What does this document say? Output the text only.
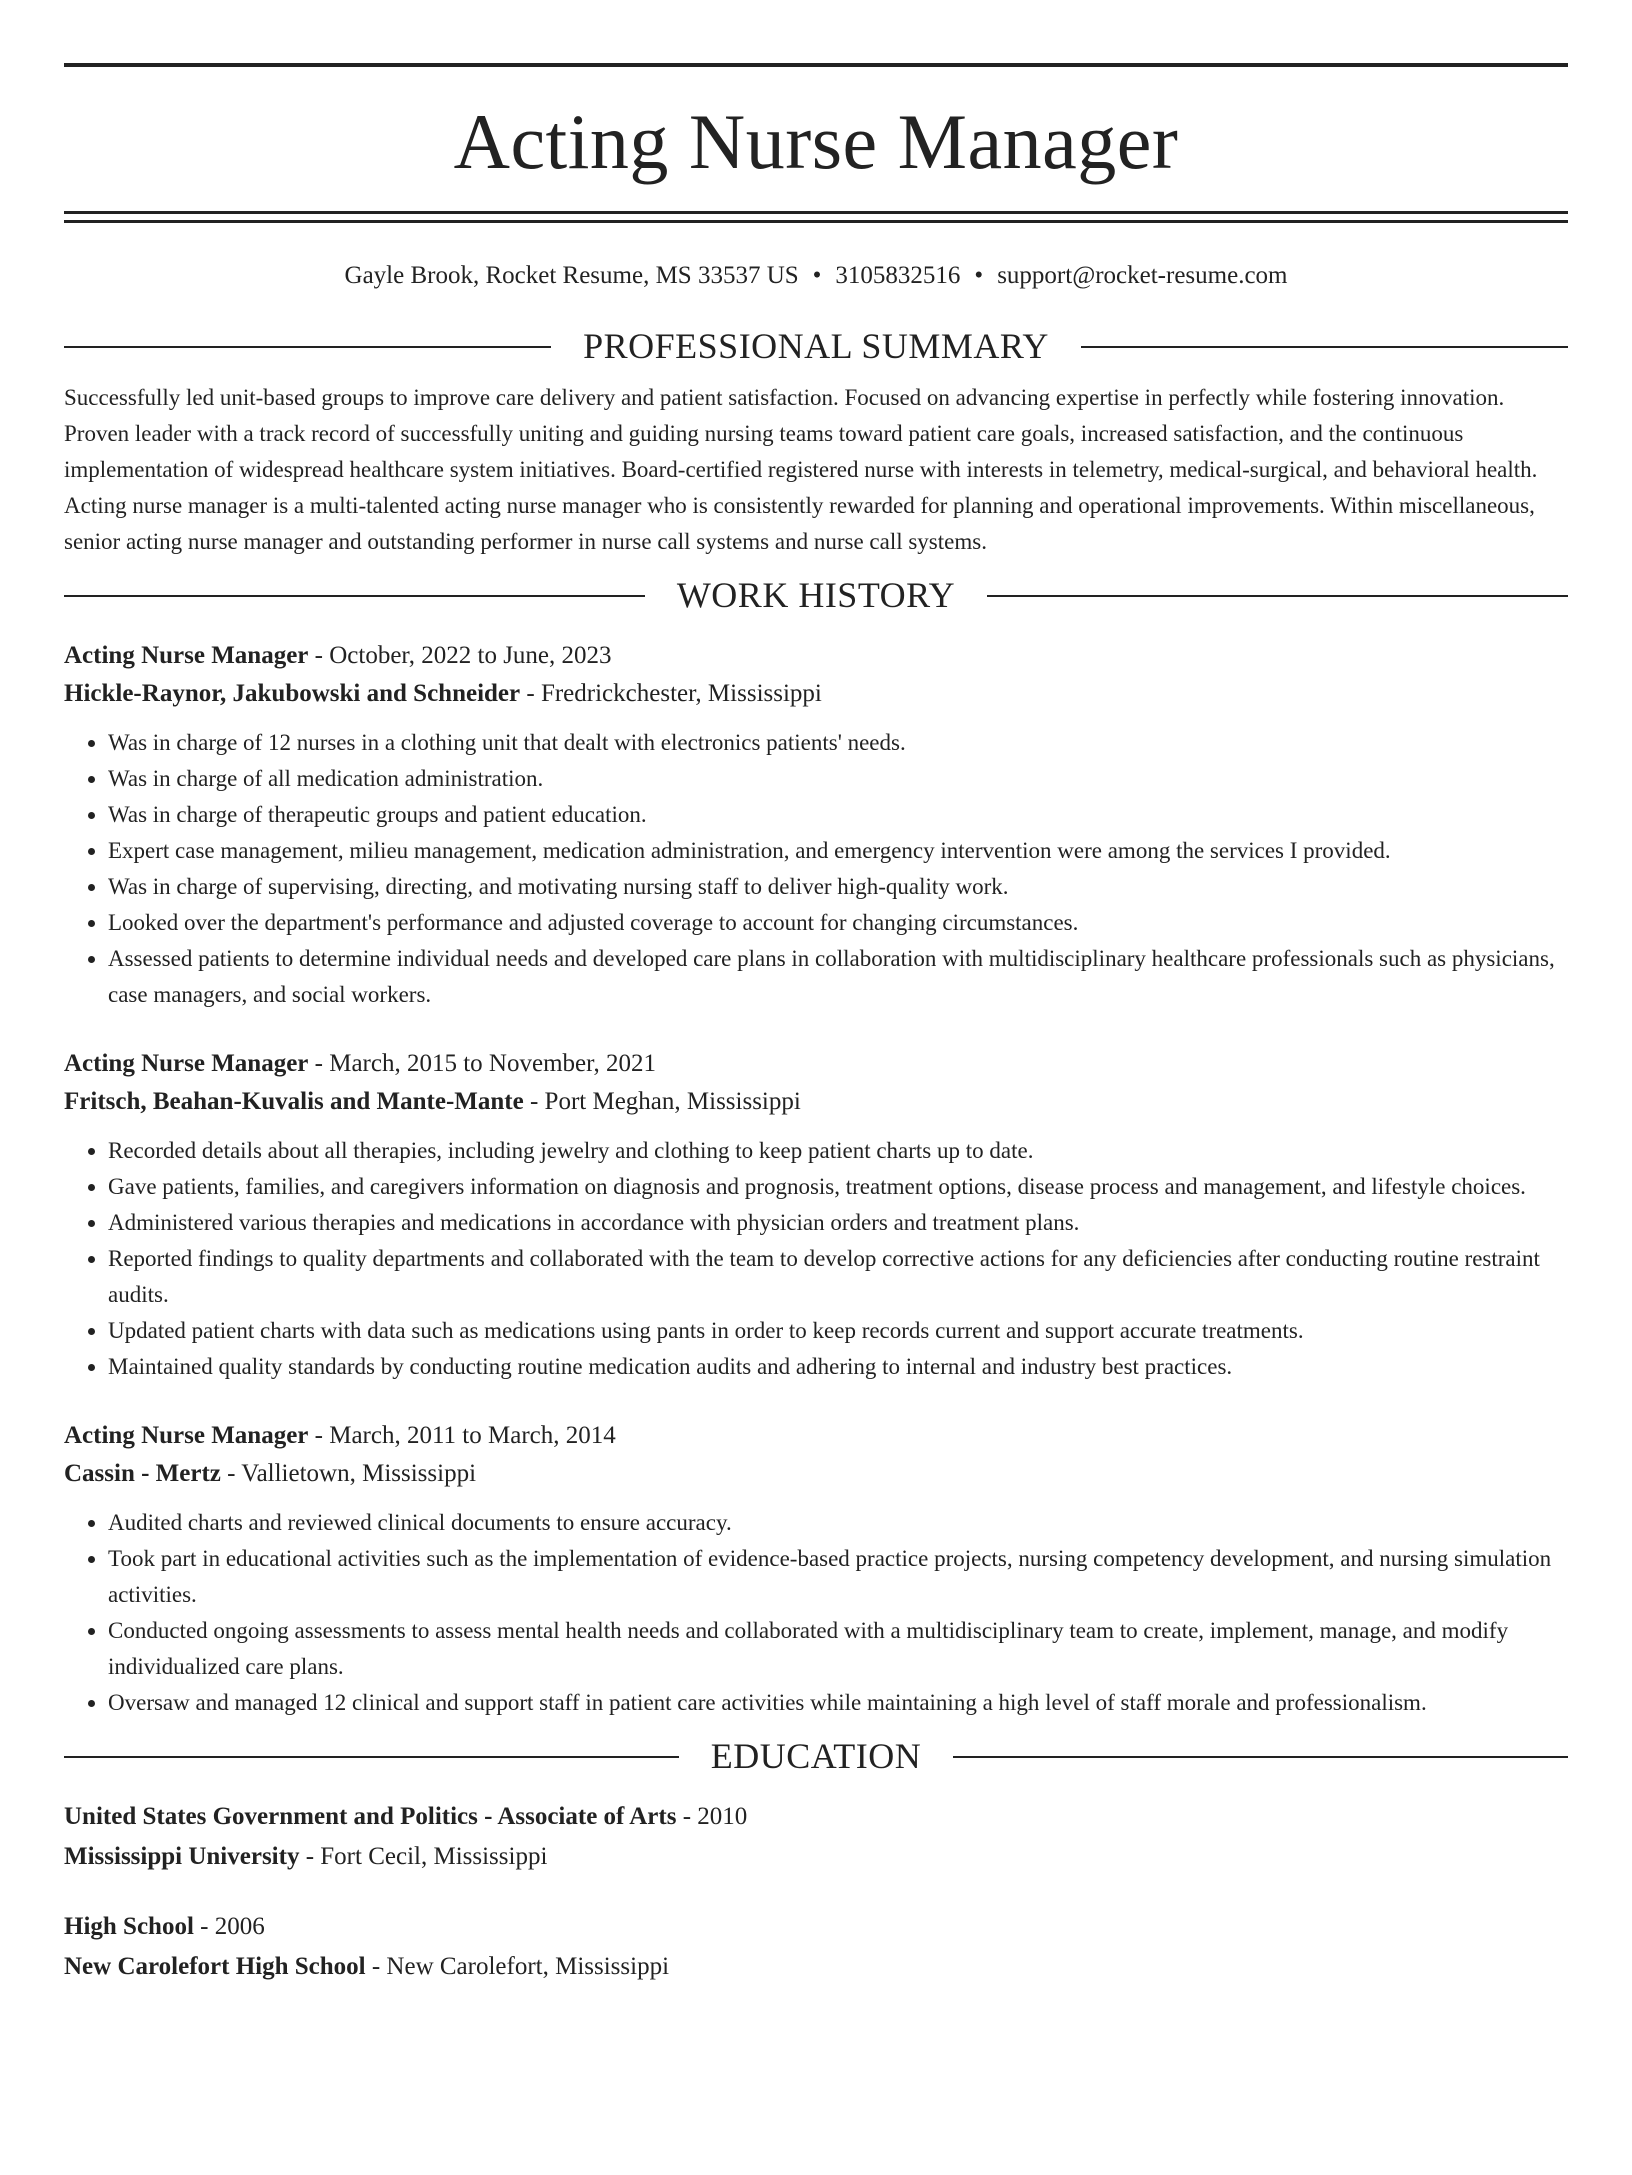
Acting Nurse Manager
Gayle Brook, Rocket Resume, MS 33537 US • 3105832516 • support@rocket-resume.com
PROFESSIONAL SUMMARY
Successfully led unit-based groups to improve care delivery and patient satisfaction. Focused on advancing expertise in perfectly while fostering innovation. Proven leader with a track record of successfully uniting and guiding nursing teams toward patient care goals, increased satisfaction, and the continuous implementation of widespread healthcare system initiatives. Board-certified registered nurse with interests in telemetry, medical-surgical, and behavioral health. Acting nurse manager is a multi-talented acting nurse manager who is consistently rewarded for planning and operational improvements. Within miscellaneous, senior acting nurse manager and outstanding performer in nurse call systems and nurse call systems.
WORK HISTORY
Acting Nurse Manager - October, 2022 to June, 2023
Hickle-Raynor, Jakubowski and Schneider - Fredrickchester, Mississippi
• Was in charge of 12 nurses in a clothing unit that dealt with electronics patients' needs.
• Was in charge of all medication administration.
• Was in charge of therapeutic groups and patient education.
• Expert case management, milieu management, medication administration, and emergency intervention were among the services I provided.
• Was in charge of supervising, directing, and motivating nursing staff to deliver high-quality work.
• Looked over the department's performance and adjusted coverage to account for changing circumstances.
• Assessed patients to determine individual needs and developed care plans in collaboration with multidisciplinary healthcare professionals such as physicians, case managers, and social workers.
Acting Nurse Manager - March, 2015 to November, 2021
Fritsch, Beahan-Kuvalis and Mante-Mante - Port Meghan, Mississippi
• Recorded details about all therapies, including jewelry and clothing to keep patient charts up to date.
• Gave patients, families, and caregivers information on diagnosis and prognosis, treatment options, disease process and management, and lifestyle choices.
• Administered various therapies and medications in accordance with physician orders and treatment plans.
• Reported findings to quality departments and collaborated with the team to develop corrective actions for any deficiencies after conducting routine restraint audits.
• Updated patient charts with data such as medications using pants in order to keep records current and support accurate treatments.
• Maintained quality standards by conducting routine medication audits and adhering to internal and industry best practices.
Acting Nurse Manager - March, 2011 to March, 2014
Cassin - Mertz - Vallietown, Mississippi
• Audited charts and reviewed clinical documents to ensure accuracy.
• Took part in educational activities such as the implementation of evidence-based practice projects, nursing competency development, and nursing simulation activities.
• Conducted ongoing assessments to assess mental health needs and collaborated with a multidisciplinary team to create, implement, manage, and modify individualized care plans.
• Oversaw and managed 12 clinical and support staff in patient care activities while maintaining a high level of staff morale and professionalism.
EDUCATION
United States Government and Politics - Associate of Arts - 2010
Mississippi University - Fort Cecil, Mississippi
High School - 2006
New Carolefort High School - New Carolefort, Mississippi
